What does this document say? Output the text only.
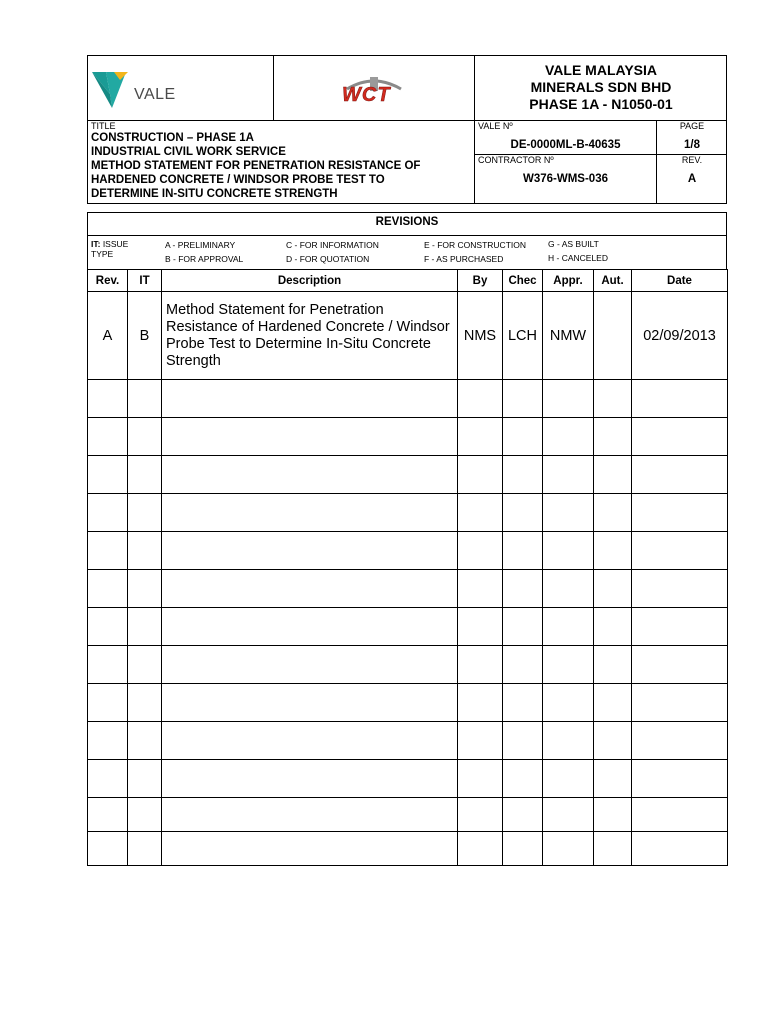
VALE	WCT
VALE MALAYSIA
MINERALS SDN BHD
PHASE 1A - N1050-01
TITLE
CONSTRUCTION – PHASE 1A
INDUSTRIAL CIVIL WORK SERVICE
METHOD STATEMENT FOR PENETRATION RESISTANCE OF
HARDENED CONCRETE / WINDSOR PROBE TEST TO
DETERMINE IN-SITU CONCRETE STRENGTH
VALE Nº
DE-0000ML-B-40635
PAGE
1/8
CONTRACTOR Nº
W376-WMS-036
REV.
A
REVISIONS
IT: ISSUE
TYPE
A - PRELIMINARY
B - FOR APPROVAL
C - FOR INFORMATION
D - FOR QUOTATION
E - FOR CONSTRUCTION
F - AS PURCHASED
G - AS BUILT
H - CANCELED
Rev.	IT	Description	By	Chec	Appr.	Aut.	Date
A	B	Method Statement for Penetration Resistance of Hardened Concrete / Windsor Probe Test to Determine In-Situ Concrete Strength	NMS	LCH	NMW		02/09/2013
